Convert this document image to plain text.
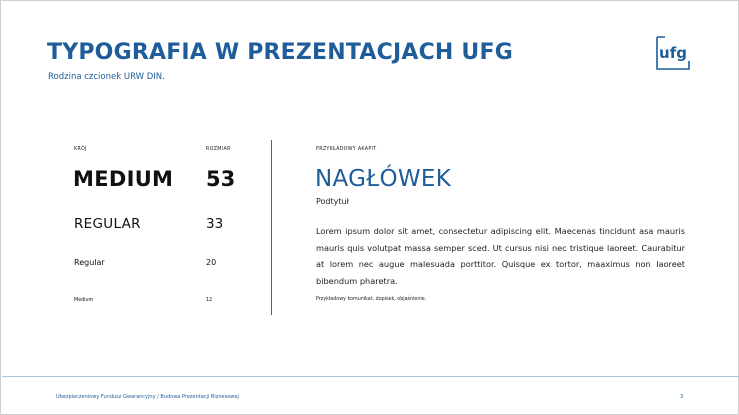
TYPOGRAFIA W PREZENTACJACH UFG
Rodzina czcionek URW DIN.
ufg
KRÓJ	ROZMIAR
MEDIUM 53
REGULAR	33
Regular	20
Medium	12
PRZYKŁADOWY AKAPIT
NAGŁÓWEK
Podtytuł
Lorem ipsum dolor sit amet, consectetur adipiscing elit. Maecenas tincidunt asa mauris mauris quis volutpat massa semper sced. Ut cursus nisi nec tristique laoreet. Caurabitur at lorem nec augue malesuada porttitor. Quisque ex tortor, maaximus non laoreet bibendum pharetra.
Przykładowy komunikat, dopisek, objaśnienie.
Ubezpieczeniowy Fundusz Gwarancyjny / Budowa Prezentacji Biznesowej	3
